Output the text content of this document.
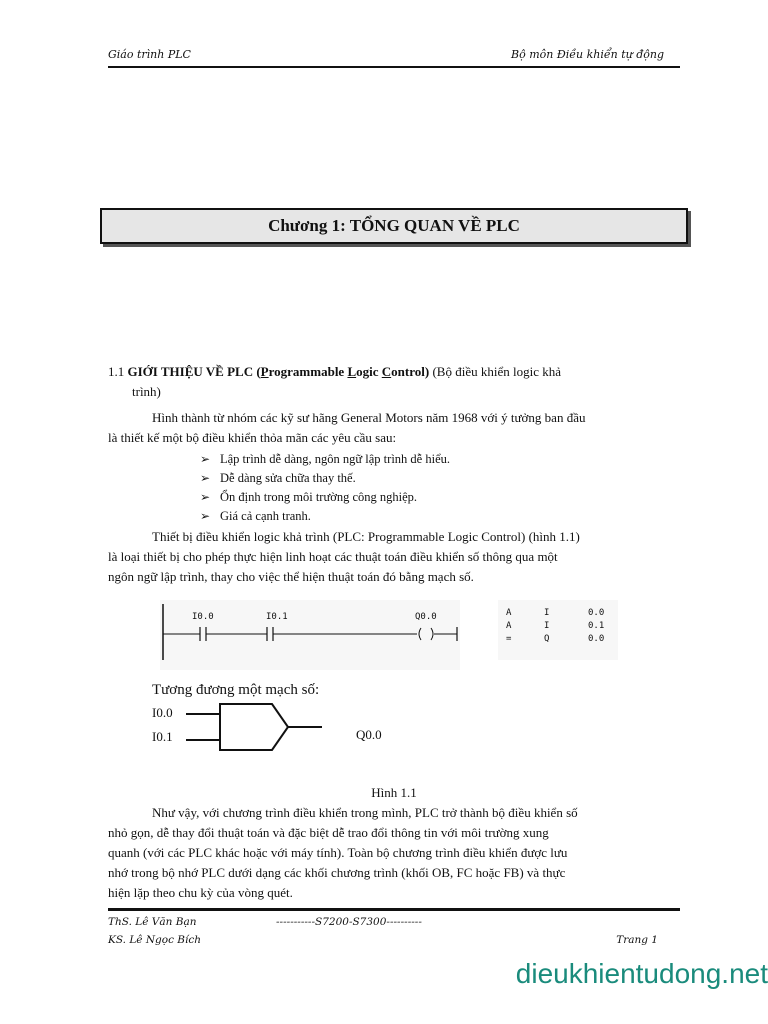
Giáo trình PLC	Bộ môn Điều khiển tự động
Chương 1: TỔNG QUAN VỀ PLC
1.1 GIỚI THIỆU VỀ PLC (Programmable Logic Control) (Bộ điều khiển logic khả
trình)
Hình thành từ nhóm các kỹ sư hãng General Motors năm 1968 với ý tưởng ban đầu
là thiết kế một bộ điều khiển thỏa mãn các yêu cầu sau:
➢ Lập trình dễ dàng, ngôn ngữ lập trình dễ hiểu.
➢ Dễ dàng sửa chữa thay thế.
➢ Ổn định trong môi trường công nghiệp.
➢ Giá cả cạnh tranh.
Thiết bị điều khiển logic khả trình (PLC: Programmable Logic Control) (hình 1.1)
là loại thiết bị cho phép thực hiện linh hoạt các thuật toán điều khiển số thông qua một
ngôn ngữ lập trình, thay cho việc thể hiện thuật toán đó bằng mạch số.
I0.0	I0.1	Q0.0	A	I	0.0
A	I	0.1
=	Q	0.0
Tương đương một mạch số:
I0.0
I0.1	Q0.0
Hình 1.1
Như vậy, với chương trình điều khiển trong mình, PLC trở thành bộ điều khiển số
nhỏ gọn, dễ thay đổi thuật toán và đặc biệt dễ trao đổi thông tin với môi trường xung
quanh (với các PLC khác hoặc với máy tính). Toàn bộ chương trình điều khiển được lưu
nhớ trong bộ nhớ PLC dưới dạng các khối chương trình (khối OB, FC hoặc FB) và thực
hiện lặp theo chu kỳ của vòng quét.
ThS. Lê Văn Bạn	-----------S7200-S7300----------
KS. Lê Ngọc Bích	Trang 1
dieukhientudong.net
